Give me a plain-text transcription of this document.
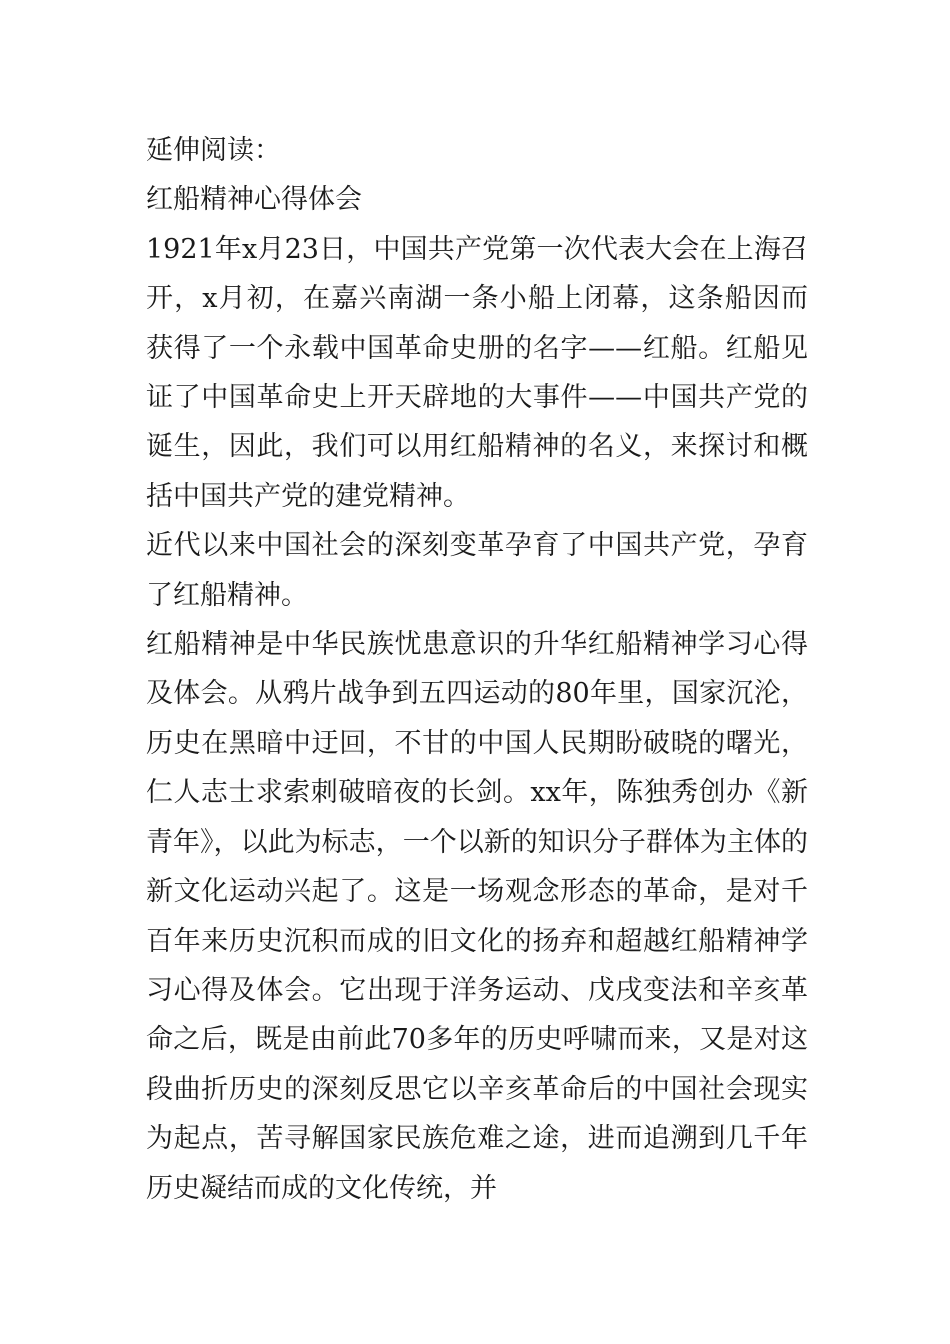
延伸阅读：

红船精神心得体会

1921年x月23日，中国共产党第一次代表大会在上海召开，x月初，在嘉兴南湖一条小船上闭幕，这条船因而获得了一个永载中国革命史册的名字——红船。红船见证了中国革命史上开天辟地的大事件——中国共产党的诞生，因此，我们可以用红船精神的名义，来探讨和概括中国共产党的建党精神。

近代以来中国社会的深刻变革孕育了中国共产党，孕育了红船精神。

红船精神是中华民族忧患意识的升华红船精神学习心得及体会。从鸦片战争到五四运动的80年里，国家沉沦，历史在黑暗中迂回，不甘的中国人民期盼破晓的曙光，仁人志士求索刺破暗夜的长剑。xx年，陈独秀创办《新青年》，以此为标志，一个以新的知识分子群体为主体的新文化运动兴起了。这是一场观念形态的革命，是对千百年来历史沉积而成的旧文化的扬弃和超越红船精神学习心得及体会。它出现于洋务运动、戊戌变法和辛亥革命之后，既是由前此70多年的历史呼啸而来，又是对这段曲折历史的深刻反思它以辛亥革命后的中国社会现实为起点，苦寻解国家民族危难之途，进而追溯到几千年历史凝结而成的文化传统，并
